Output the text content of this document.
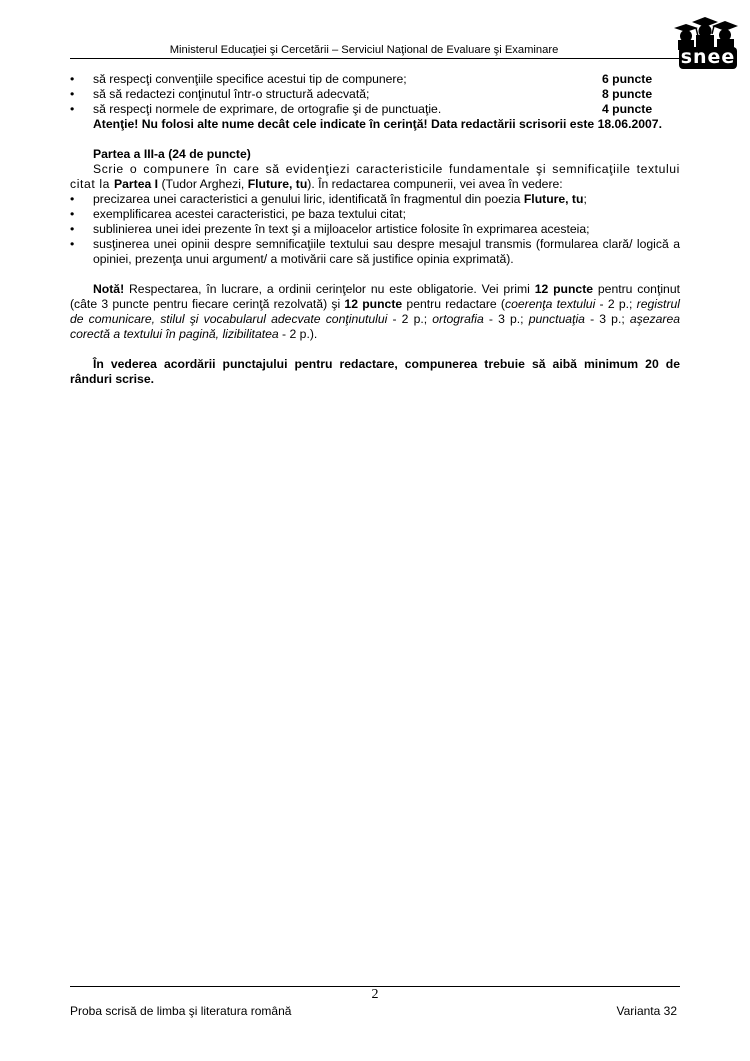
Ministerul Educaţiei şi Cercetării – Serviciul Naţional de Evaluare şi Examinare	snee
•	să respecţi convenţiile specifice acestui tip de compunere;	6 puncte
•	să să redactezi conţinutul într-o structură adecvată;	8 puncte
•	să respecţi normele de exprimare, de ortografie şi de punctuaţie.	4 puncte
Atenţie! Nu folosi alte nume decât cele indicate în cerinţă! Data redactării scrisorii este 18.06.2007.
Partea a III-a (24 de puncte)
Scrie o compunere în care să evidenţiezi caracteristicile fundamentale şi semnificaţiile textului citat la Partea I (Tudor Arghezi, Fluture, tu). În redactarea compunerii, vei avea în vedere:
•	precizarea unei caracteristici a genului liric, identificată în fragmentul din poezia Fluture, tu;
•	exemplificarea acestei caracteristici, pe baza textului citat;
•	sublinierea unei idei prezente în text şi a mijloacelor artistice folosite în exprimarea acesteia;
•	susţinerea unei opinii despre semnificaţiile textului sau despre mesajul transmis (formularea clară/ logică a opiniei, prezenţa unui argument/ a motivării care să justifice opinia exprimată).
Notă! Respectarea, în lucrare, a ordinii cerinţelor nu este obligatorie. Vei primi 12 puncte pentru conţinut (câte 3 puncte pentru fiecare cerinţă rezolvată) şi 12 puncte pentru redactare (coerenţa textului - 2 p.; registrul de comunicare, stilul şi vocabularul adecvate conţinutului - 2 p.; ortografia - 3 p.; punctuaţia - 3 p.; aşezarea corectă a textului în pagină, lizibilitatea - 2 p.).
În vederea acordării punctajului pentru redactare, compunerea trebuie să aibă minimum 20 de rânduri scrise.
2
Proba scrisă de limba şi literatura română	Varianta 32
